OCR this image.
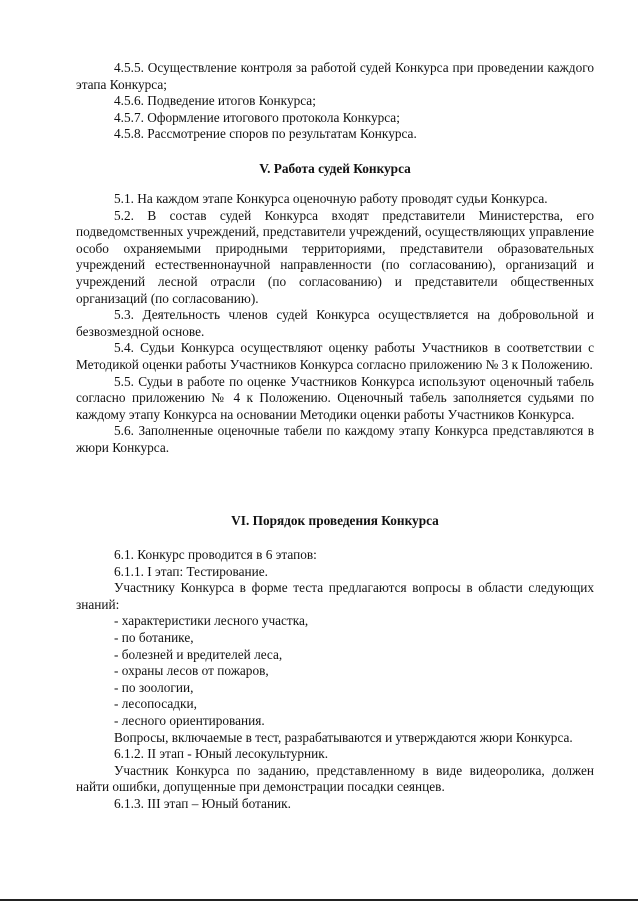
4.5.5. Осуществление контроля за работой судей Конкурса при проведении каждого этапа Конкурса;

4.5.6. Подведение итогов Конкурса;

4.5.7. Оформление итогового протокола Конкурса;

4.5.8. Рассмотрение споров по результатам Конкурса.

V. Работа судей Конкурса

5.1. На каждом этапе Конкурса оценочную работу проводят судьи Конкурса.

5.2. В состав судей Конкурса входят представители Министерства, его подведомственных учреждений, представители учреждений, осуществляющих управление особо охраняемыми природными территориями, представители образовательных учреждений естественнонаучной направленности (по согласованию), организаций и учреждений лесной отрасли (по согласованию) и представители общественных организаций (по согласованию).

5.3. Деятельность членов судей Конкурса осуществляется на добровольной и безвозмездной основе.

5.4. Судьи Конкурса осуществляют оценку работы Участников в соответствии с Методикой оценки работы Участников Конкурса согласно приложению № 3 к Положению.

5.5. Судьи в работе по оценке Участников Конкурса используют оценочный табель согласно приложению № 4 к Положению. Оценочный табель заполняется судьями по каждому этапу Конкурса на основании Методики оценки работы Участников Конкурса.

5.6. Заполненные оценочные табели по каждому этапу Конкурса представляются в жюри Конкурса.

VI. Порядок проведения Конкурса

6.1. Конкурс проводится в 6 этапов:

6.1.1. I этап: Тестирование.

Участнику Конкурса в форме теста предлагаются вопросы в области следующих знаний:

- характеристики лесного участка,

- по ботанике,

- болезней и вредителей леса,

- охраны лесов от пожаров,

- по зоологии,

- лесопосадки,

- лесного ориентирования.

Вопросы, включаемые в тест, разрабатываются и утверждаются жюри Конкурса.

6.1.2. II этап - Юный лесокультурник.

Участник Конкурса по заданию, представленному в виде видеоролика, должен найти ошибки, допущенные при демонстрации посадки сеянцев.

6.1.3. III этап – Юный ботаник.
